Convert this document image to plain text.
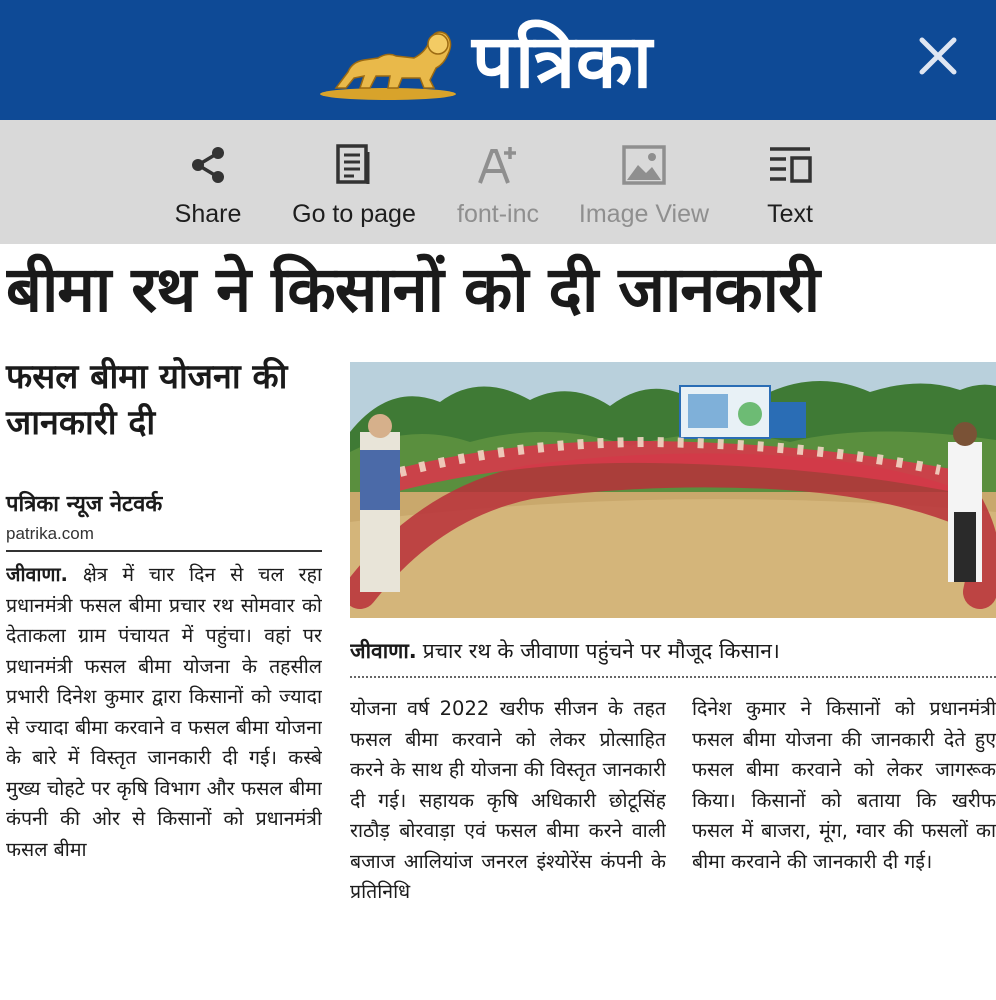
पत्रिका
Share Go to page font-inc Image View Text
बीमा रथ ने किसानों को दी जानकारी
फसल बीमा योजना की जानकारी दी
पत्रिका न्यूज नेटवर्क
patrika.com
जीवाणा. क्षेत्र में चार दिन से चल रहा प्रधानमंत्री फसल बीमा प्रचार रथ सोमवार को देताकला ग्राम पंचायत में पहुंचा। वहां पर प्रधानमंत्री फसल बीमा योजना के तहसील प्रभारी दिनेश कुमार द्वारा किसानों को ज्यादा से ज्यादा बीमा करवाने व फसल बीमा योजना के बारे में विस्तृत जानकारी दी गई। कस्बे मुख्य चोहटे पर कृषि विभाग और फसल बीमा कंपनी की ओर से किसानों को प्रधानमंत्री फसल बीमा
जीवाणा. प्रचार रथ के जीवाणा पहुंचने पर मौजूद किसान।
योजना वर्ष 2022 खरीफ सीजन के तहत फसल बीमा करवाने को लेकर प्रोत्साहित करने के साथ ही योजना की विस्तृत जानकारी दी गई। सहायक कृषि अधिकारी छोटूसिंह राठौड़ बोरवाड़ा एवं फसल बीमा करने वाली बजाज आलियांज जनरल इंश्योरेंस कंपनी के प्रतिनिधि
दिनेश कुमार ने किसानों को प्रधानमंत्री फसल बीमा योजना की जानकारी देते हुए फसल बीमा करवाने को लेकर जागरूक किया। किसानों को बताया कि खरीफ फसल में बाजरा, मूंग, ग्वार की फसलों का बीमा करवाने की जानकारी दी गई।
